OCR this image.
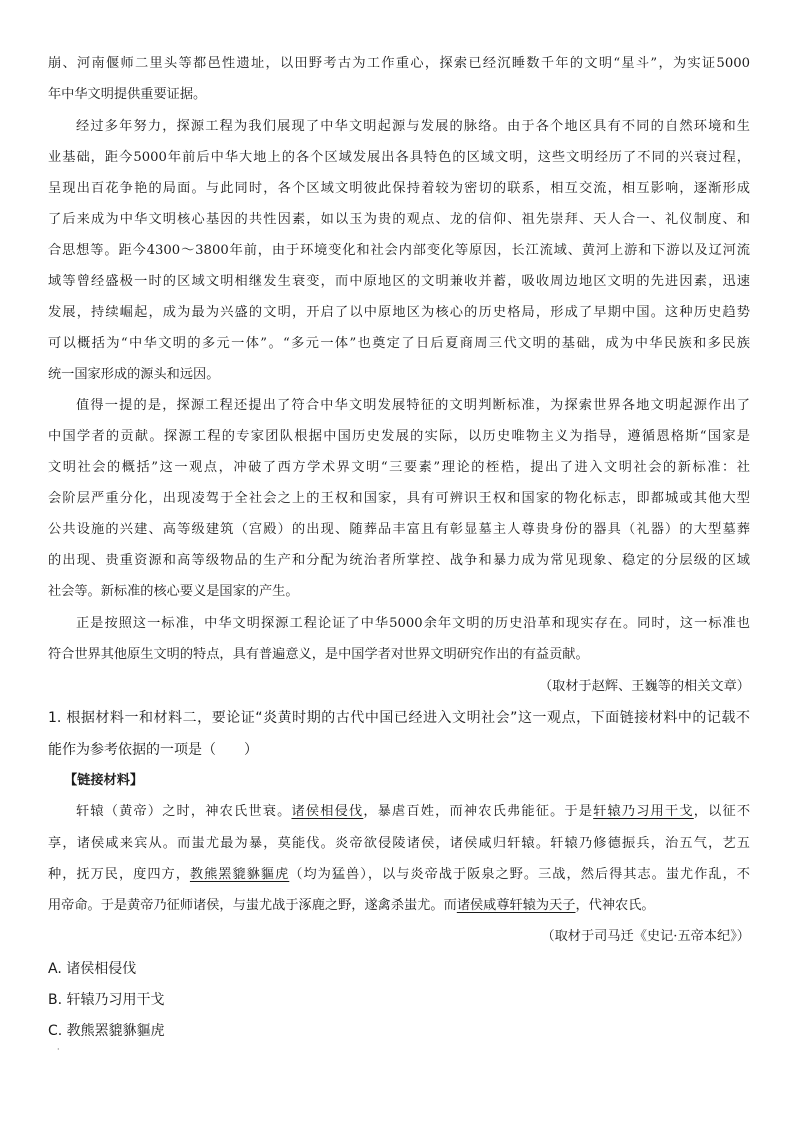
崩、河南偃师二里头等都邑性遗址，以田野考古为工作重心，探索已经沉睡数千年的文明“星斗”，为实证5000
年中华文明提供重要证据。
经过多年努力，探源工程为我们展现了中华文明起源与发展的脉络。由于各个地区具有不同的自然环境和生
业基础，距今5000年前后中华大地上的各个区域发展出各具特色的区域文明，这些文明经历了不同的兴衰过程，
呈现出百花争艳的局面。与此同时，各个区域文明彼此保持着较为密切的联系，相互交流，相互影响，逐渐形成
了后来成为中华文明核心基因的共性因素，如以玉为贵的观点、龙的信仰、祖先崇拜、天人合一、礼仪制度、和
合思想等。距今4300～3800年前，由于环境变化和社会内部变化等原因，长江流域、黄河上游和下游以及辽河流
域等曾经盛极一时的区域文明相继发生衰变，而中原地区的文明兼收并蓄，吸收周边地区文明的先进因素，迅速
发展，持续崛起，成为最为兴盛的文明，开启了以中原地区为核心的历史格局，形成了早期中国。这种历史趋势
可以概括为“中华文明的多元一体”。“多元一体”也奠定了日后夏商周三代文明的基础，成为中华民族和多民族
统一国家形成的源头和远因。
值得一提的是，探源工程还提出了符合中华文明发展特征的文明判断标准，为探索世界各地文明起源作出了
中国学者的贡献。探源工程的专家团队根据中国历史发展的实际，以历史唯物主义为指导，遵循恩格斯“国家是
文明社会的概括”这一观点，冲破了西方学术界文明“三要素”理论的桎梏，提出了进入文明社会的新标准：社
会阶层严重分化，出现凌驾于全社会之上的王权和国家，具有可辨识王权和国家的物化标志，即都城或其他大型
公共设施的兴建、高等级建筑（宫殿）的出现、随葬品丰富且有彰显墓主人尊贵身份的器具（礼器）的大型墓葬
的出现、贵重资源和高等级物品的生产和分配为统治者所掌控、战争和暴力成为常见现象、稳定的分层级的区域
社会等。新标准的核心要义是国家的产生。
正是按照这一标准，中华文明探源工程论证了中华5000余年文明的历史沿革和现实存在。同时，这一标准也
符合世界其他原生文明的特点，具有普遍意义，是中国学者对世界文明研究作出的有益贡献。
（取材于赵辉、王巍等的相关文章）
1. 根据材料一和材料二，要论证“炎黄时期的古代中国已经进入文明社会”这一观点，下面链接材料中的记载不
能作为参考依据的一项是（　　）
【链接材料】
轩辕（黄帝）之时，神农氏世衰。诸侯相侵伐，暴虐百姓，而神农氏弗能征。于是轩辕乃习用干戈，以征不
享，诸侯咸来宾从。而蚩尤最为暴，莫能伐。炎帝欲侵陵诸侯，诸侯咸归轩辕。轩辕乃修德振兵，治五气，艺五
种，抚万民，度四方，教熊罴貔貅貙虎（均为猛兽），以与炎帝战于阪泉之野。三战，然后得其志。蚩尤作乱，不
用帝命。于是黄帝乃征师诸侯，与蚩尤战于涿鹿之野，遂禽杀蚩尤。而诸侯咸尊轩辕为天子，代神农氏。
（取材于司马迁《史记·五帝本纪》）
A. 诸侯相侵伐
B. 轩辕乃习用干戈
C. 教熊罴貔貅貙虎
·
